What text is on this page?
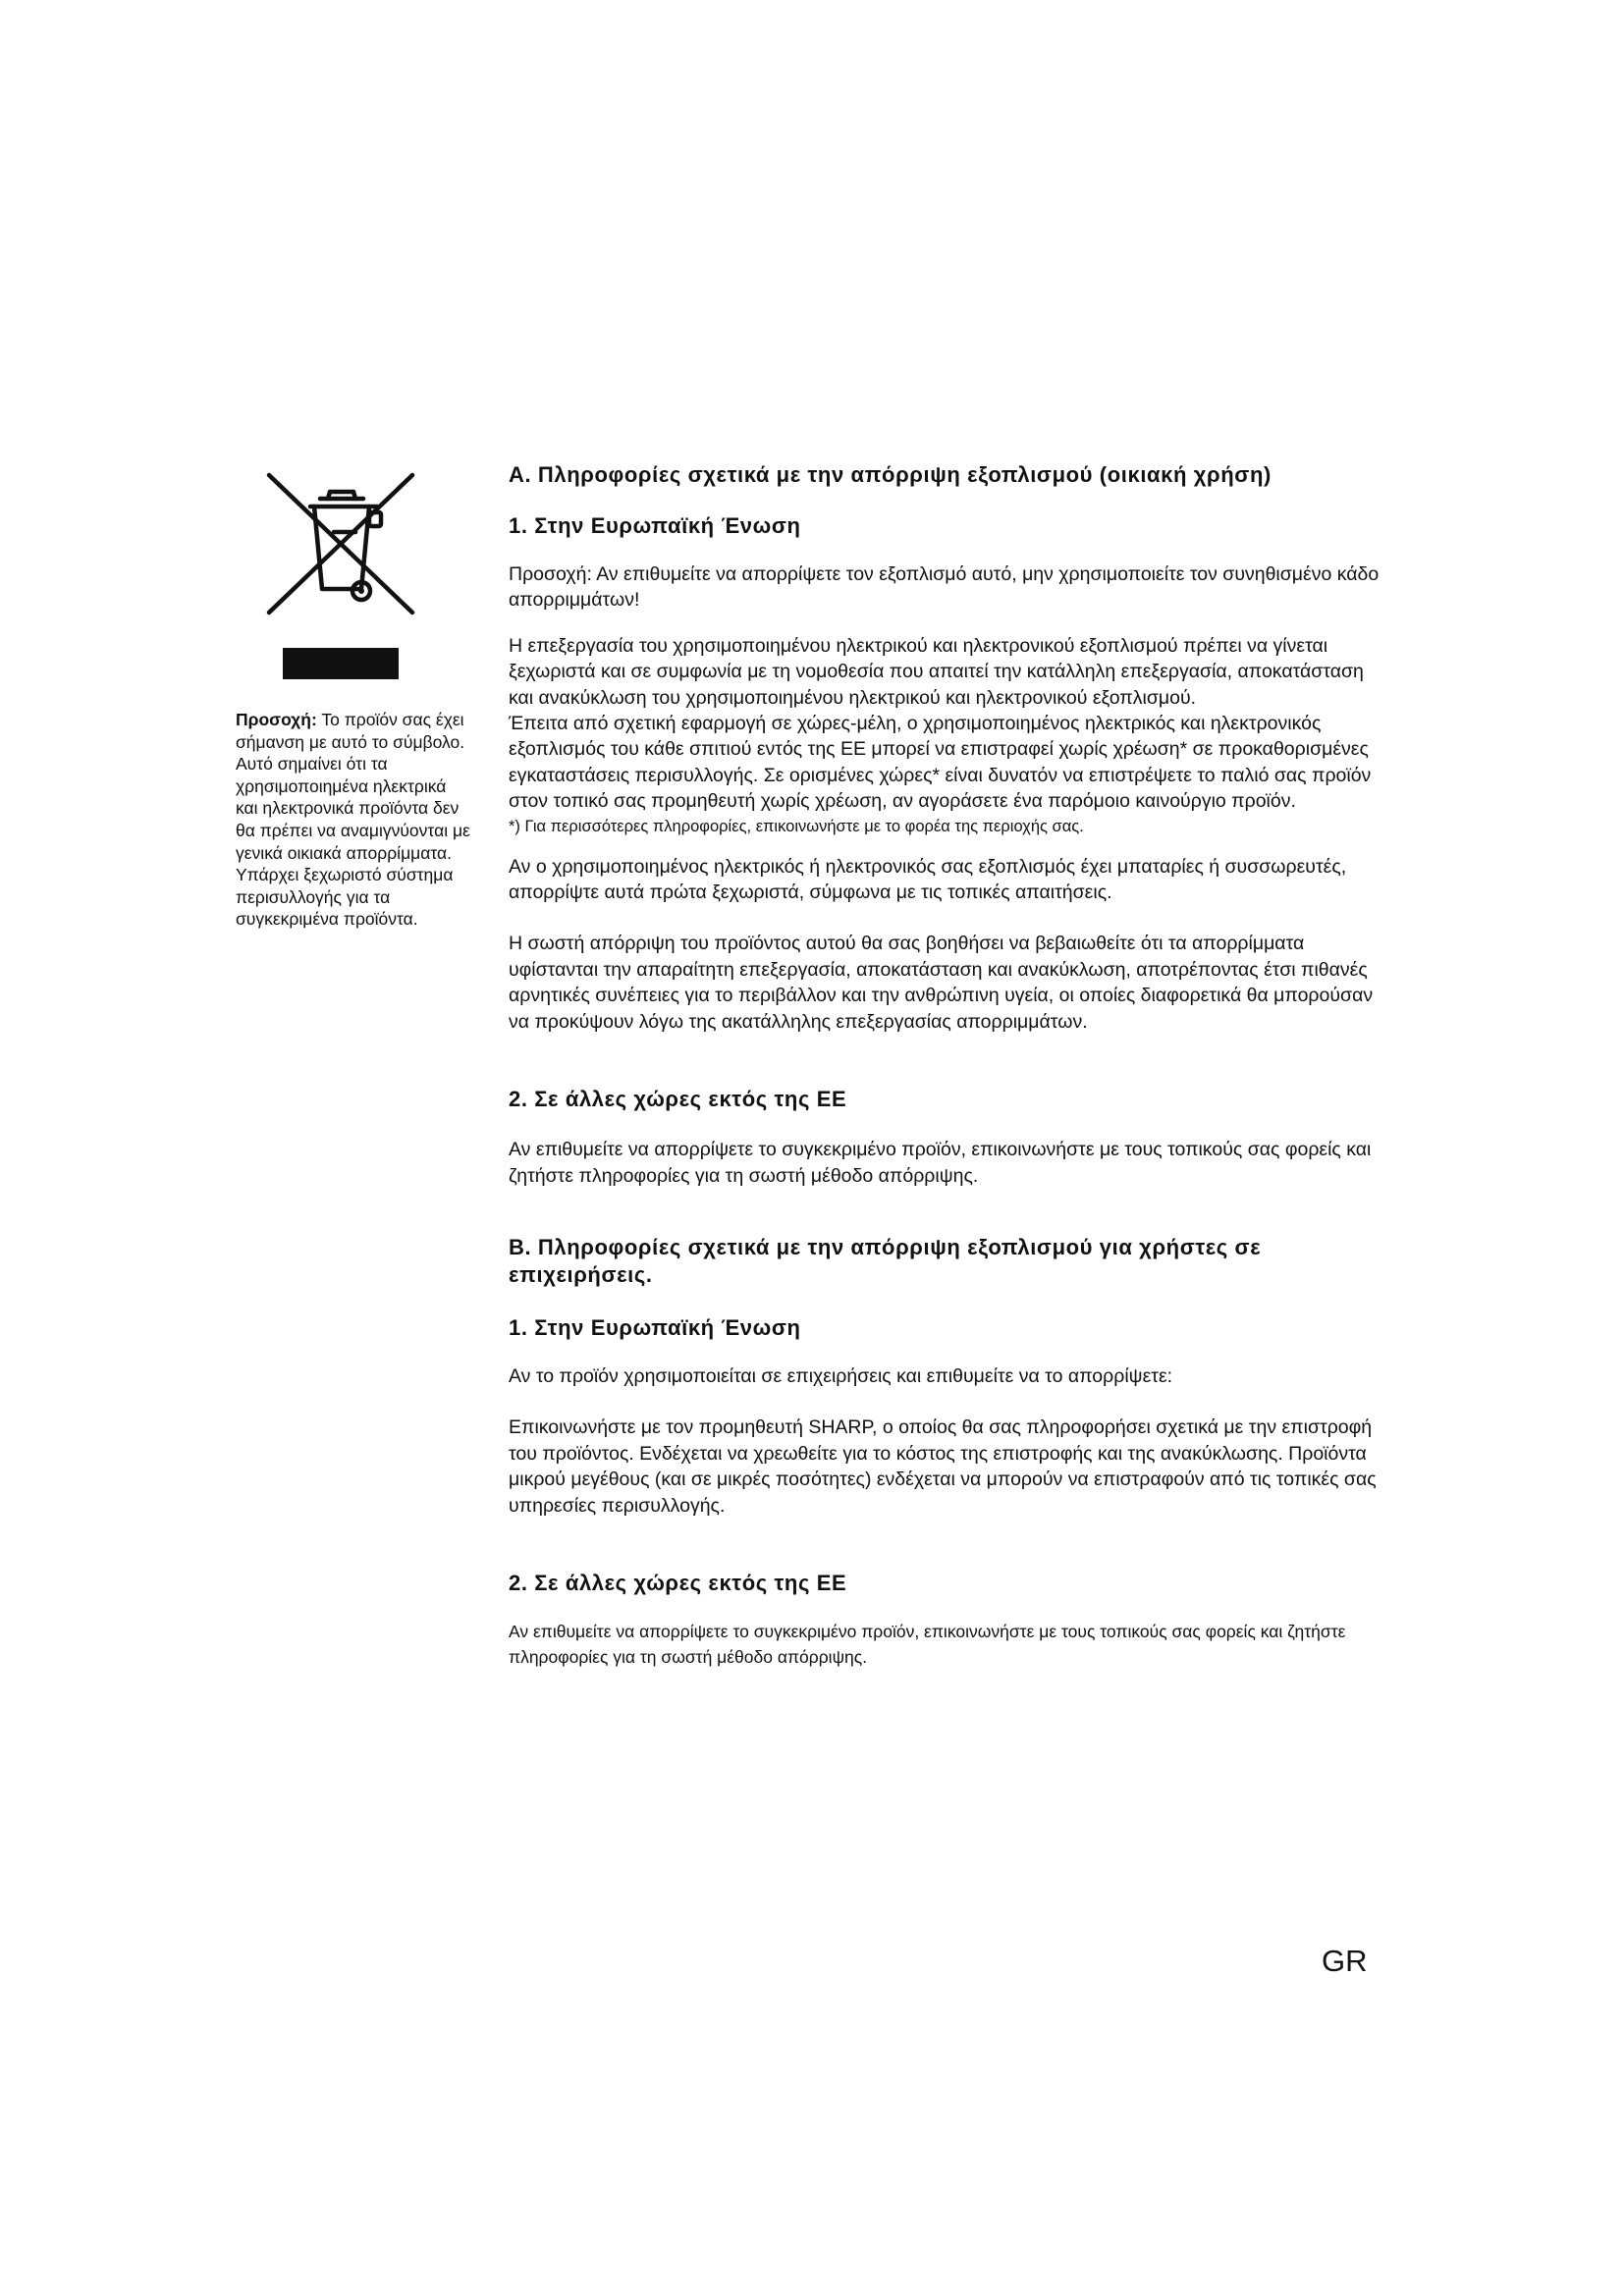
Προσοχή: Το προϊόν σας έχει σήμανση με αυτό το σύμβολο. Αυτό σημαίνει ότι τα χρησιμοποιημένα ηλεκτρικά και ηλεκτρονικά προϊόντα δεν θα πρέπει να αναμιγνύονται με γενικά οικιακά απορρίμματα. Υπάρχει ξεχωριστό σύστημα περισυλλογής για τα συγκεκριμένα προϊόντα.
A. Πληροφορίες σχετικά με την απόρριψη εξοπλισμού (οικιακή χρήση)
1. Στην Ευρωπαϊκή Ένωση

Προσοχή: Αν επιθυμείτε να απορρίψετε τον εξοπλισμό αυτό, μην χρησιμοποιείτε τον συνηθισμένο κάδο απορριμμάτων!

Η επεξεργασία του χρησιμοποιημένου ηλεκτρικού και ηλεκτρονικού εξοπλισμού πρέπει να γίνεται ξεχωριστά και σε συμφωνία με τη νομοθεσία που απαιτεί την κατάλληλη επεξεργασία, αποκατάσταση και ανακύκλωση του χρησιμοποιημένου ηλεκτρικού και ηλεκτρονικού εξοπλισμού.

Έπειτα από σχετική εφαρμογή σε χώρες-μέλη, ο χρησιμοποιημένος ηλεκτρικός και ηλεκτρονικός εξοπλισμός του κάθε σπιτιού εντός της ΕΕ μπορεί να επιστραφεί χωρίς χρέωση* σε προκαθορισμένες εγκαταστάσεις περισυλλογής. Σε ορισμένες χώρες* είναι δυνατόν να επιστρέψετε το παλιό σας προϊόν στον τοπικό σας προμηθευτή χωρίς χρέωση, αν αγοράσετε ένα παρόμοιο καινούργιο προϊόν.

*) Για περισσότερες πληροφορίες, επικοινωνήστε με το φορέα της περιοχής σας.

Αν ο χρησιμοποιημένος ηλεκτρικός ή ηλεκτρονικός σας εξοπλισμός έχει μπαταρίες ή συσσωρευτές, απορρίψτε αυτά πρώτα ξεχωριστά, σύμφωνα με τις τοπικές απαιτήσεις.

Η σωστή απόρριψη του προϊόντος αυτού θα σας βοηθήσει να βεβαιωθείτε ότι τα απορρίμματα υφίστανται την απαραίτητη επεξεργασία, αποκατάσταση και ανακύκλωση, αποτρέποντας έτσι πιθανές αρνητικές συνέπειες για το περιβάλλον και την ανθρώπινη υγεία, οι οποίες διαφορετικά θα μπορούσαν να προκύψουν λόγω της ακατάλληλης επεξεργασίας απορριμμάτων.

2. Σε άλλες χώρες εκτός της ΕΕ

Αν επιθυμείτε να απορρίψετε το συγκεκριμένο προϊόν, επικοινωνήστε με τους τοπικούς σας φορείς και ζητήστε πληροφορίες για τη σωστή μέθοδο απόρριψης.

B. Πληροφορίες σχετικά με την απόρριψη εξοπλισμού για χρήστες σε επιχειρήσεις.
1. Στην Ευρωπαϊκή Ένωση

Αν το προϊόν χρησιμοποιείται σε επιχειρήσεις και επιθυμείτε να το απορρίψετε:

Επικοινωνήστε με τον προμηθευτή SHARP, ο οποίος θα σας πληροφορήσει σχετικά με την επιστροφή του προϊόντος. Ενδέχεται να χρεωθείτε για το κόστος της επιστροφής και της ανακύκλωσης. Προϊόντα μικρού μεγέθους (και σε μικρές ποσότητες) ενδέχεται να μπορούν να επιστραφούν από τις τοπικές σας υπηρεσίες περισυλλογής.

2. Σε άλλες χώρες εκτός της ΕΕ

Αν επιθυμείτε να απορρίψετε το συγκεκριμένο προϊόν, επικοινωνήστε με τους τοπικούς σας φορείς και ζητήστε πληροφορίες για τη σωστή μέθοδο απόρριψης.

GR
